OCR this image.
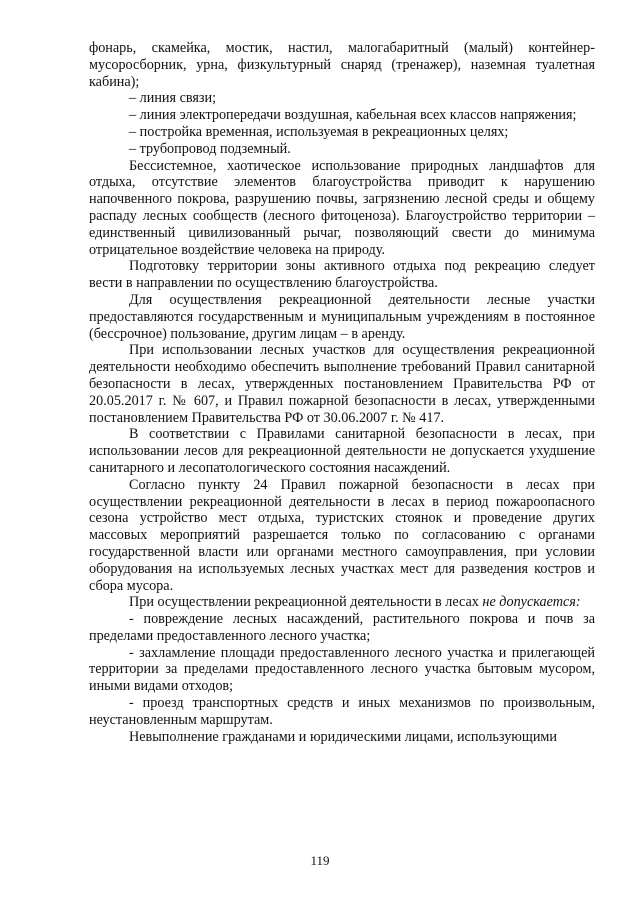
фонарь, скамейка, мостик, настил, малогабаритный (малый) контейнер-мусоросборник, урна, физкультурный снаряд (тренажер), наземная туалетная кабина);

– линия связи;

– линия электропередачи воздушная, кабельная всех классов напряжения;

– постройка временная, используемая в рекреационных целях;

– трубопровод подземный.

Бессистемное, хаотическое использование природных ландшафтов для отдыха, отсутствие элементов благоустройства приводит к нарушению напочвенного покрова, разрушению почвы, загрязнению лесной среды и общему распаду лесных сообществ (лесного фитоценоза). Благоустройство территории – единственный цивилизованный рычаг, позволяющий свести до минимума отрицательное воздействие человека на природу.

Подготовку территории зоны активного отдыха под рекреацию следует вести в направлении по осуществлению благоустройства.

Для осуществления рекреационной деятельности лесные участки предоставляются государственным и муниципальным учреждениям в постоянное (бессрочное) пользование, другим лицам – в аренду.

При использовании лесных участков для осуществления рекреационной деятельности необходимо обеспечить выполнение требований Правил санитарной безопасности в лесах, утвержденных постановлением Правительства РФ от 20.05.2017 г. № 607, и Правил пожарной безопасности в лесах, утвержденными постановлением Правительства РФ от 30.06.2007 г. № 417.

В соответствии с Правилами санитарной безопасности в лесах, при использовании лесов для рекреационной деятельности не допускается ухудшение санитарного и лесопатологического состояния насаждений.

Согласно пункту 24 Правил пожарной безопасности в лесах при осуществлении рекреационной деятельности в лесах в период пожароопасного сезона устройство мест отдыха, туристских стоянок и проведение других массовых мероприятий разрешается только по согласованию с органами государственной власти или органами местного самоуправления, при условии оборудования на используемых лесных участках мест для разведения костров и сбора мусора.

При осуществлении рекреационной деятельности в лесах не допускается:

- повреждение лесных насаждений, растительного покрова и почв за пределами предоставленного лесного участка;

- захламление площади предоставленного лесного участка и прилегающей территории за пределами предоставленного лесного участка бытовым мусором, иными видами отходов;

- проезд транспортных средств и иных механизмов по произвольным, неустановленным маршрутам.

Невыполнение гражданами и юридическими лицами, использующими

119
